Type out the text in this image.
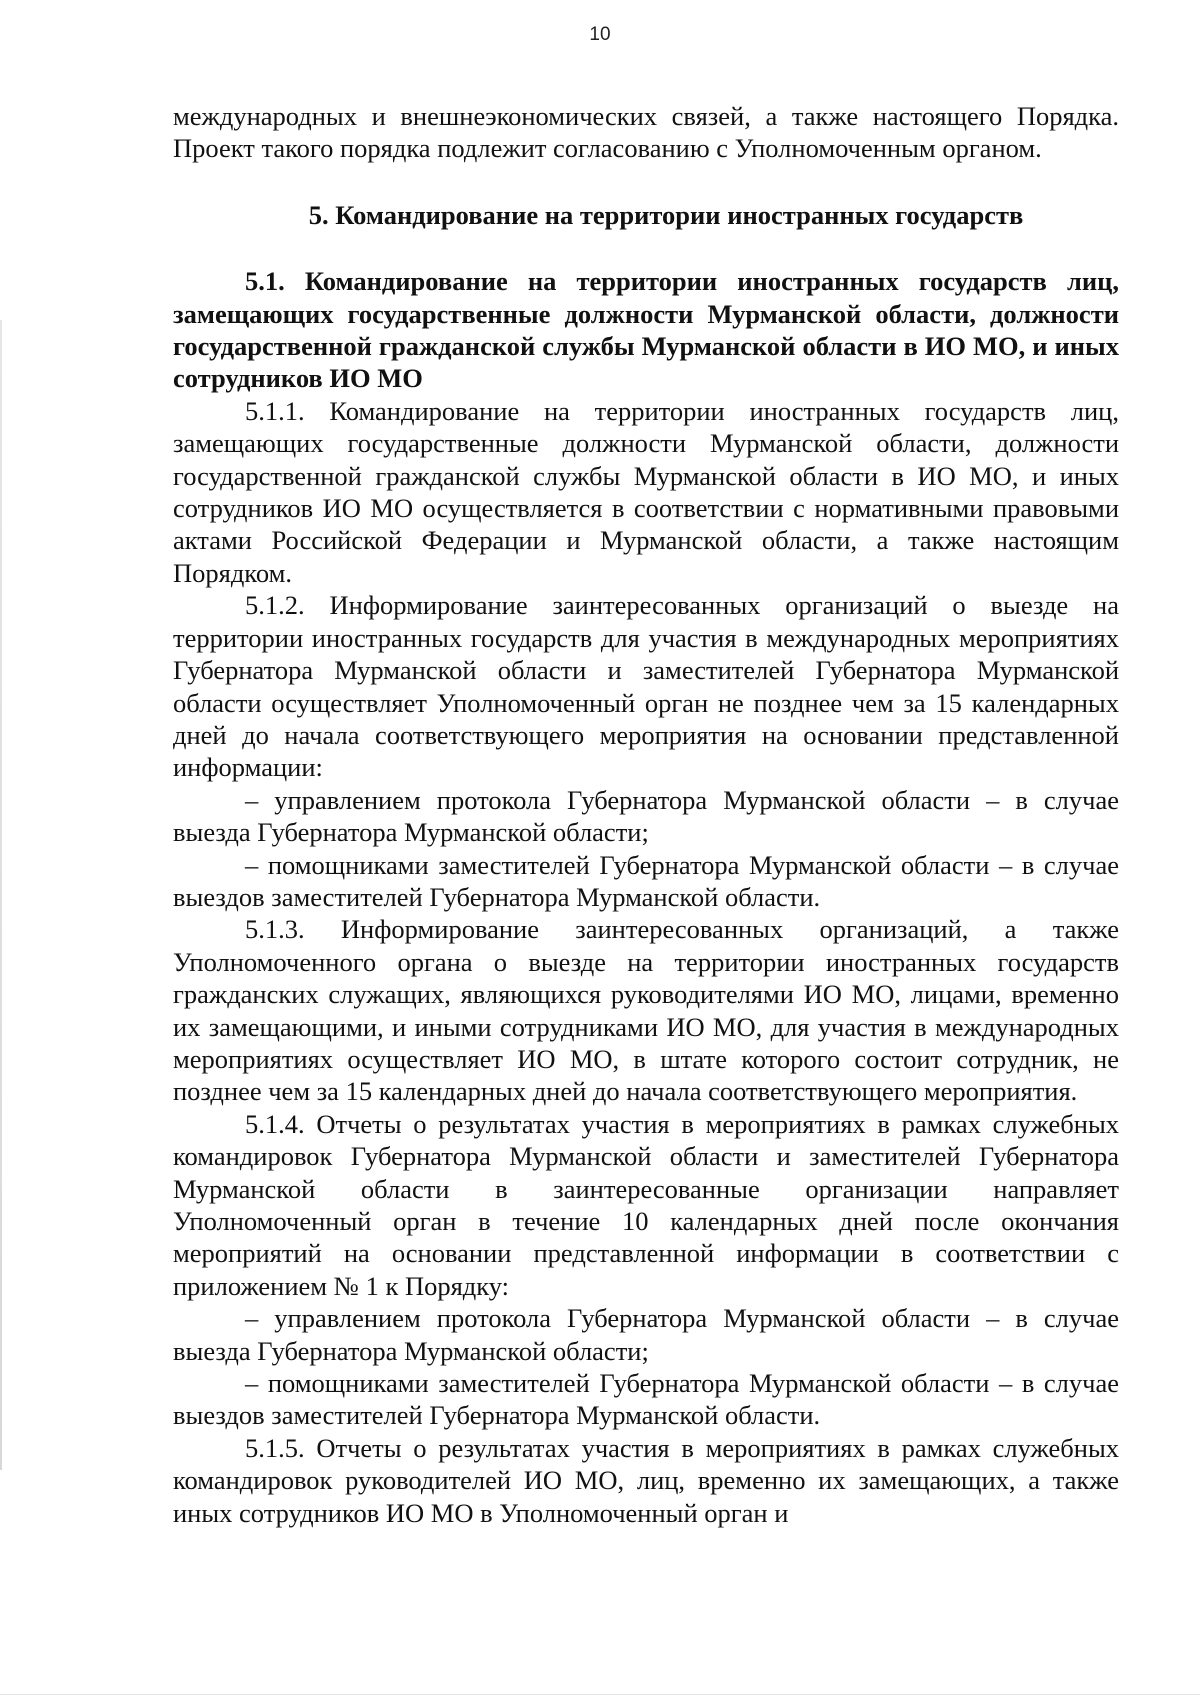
10

международных и внешнеэкономических связей, а также настоящего Порядка. Проект такого порядка подлежит согласованию с Уполномоченным органом.

5. Командирование на территории иностранных государств

5.1. Командирование на территории иностранных государств лиц, замещающих государственные должности Мурманской области, должности государственной гражданской службы Мурманской области в ИО МО, и иных сотрудников ИО МО

5.1.1. Командирование на территории иностранных государств лиц, замещающих государственные должности Мурманской области, должности государственной гражданской службы Мурманской области в ИО МО, и иных сотрудников ИО МО осуществляется в соответствии с нормативными правовыми актами Российской Федерации и Мурманской области, а также настоящим Порядком.

5.1.2. Информирование заинтересованных организаций о выезде на территории иностранных государств для участия в международных мероприятиях Губернатора Мурманской области и заместителей Губернатора Мурманской области осуществляет Уполномоченный орган не позднее чем за 15 календарных дней до начала соответствующего мероприятия на основании представленной информации:

– управлением протокола Губернатора Мурманской области – в случае выезда Губернатора Мурманской области;

– помощниками заместителей Губернатора Мурманской области – в случае выездов заместителей Губернатора Мурманской области.

5.1.3. Информирование заинтересованных организаций, а также Уполномоченного органа о выезде на территории иностранных государств гражданских служащих, являющихся руководителями ИО МО, лицами, временно их замещающими, и иными сотрудниками ИО МО, для участия в международных мероприятиях осуществляет ИО МО, в штате которого состоит сотрудник, не позднее чем за 15 календарных дней до начала соответствующего мероприятия.

5.1.4. Отчеты о результатах участия в мероприятиях в рамках служебных командировок Губернатора Мурманской области и заместителей Губернатора Мурманской области в заинтересованные организации направляет Уполномоченный орган в течение 10 календарных дней после окончания мероприятий на основании представленной информации в соответствии с приложением № 1 к Порядку:

– управлением протокола Губернатора Мурманской области – в случае выезда Губернатора Мурманской области;

– помощниками заместителей Губернатора Мурманской области – в случае выездов заместителей Губернатора Мурманской области.

5.1.5. Отчеты о результатах участия в мероприятиях в рамках служебных командировок руководителей ИО МО, лиц, временно их замещающих, а также иных сотрудников ИО МО в Уполномоченный орган и
